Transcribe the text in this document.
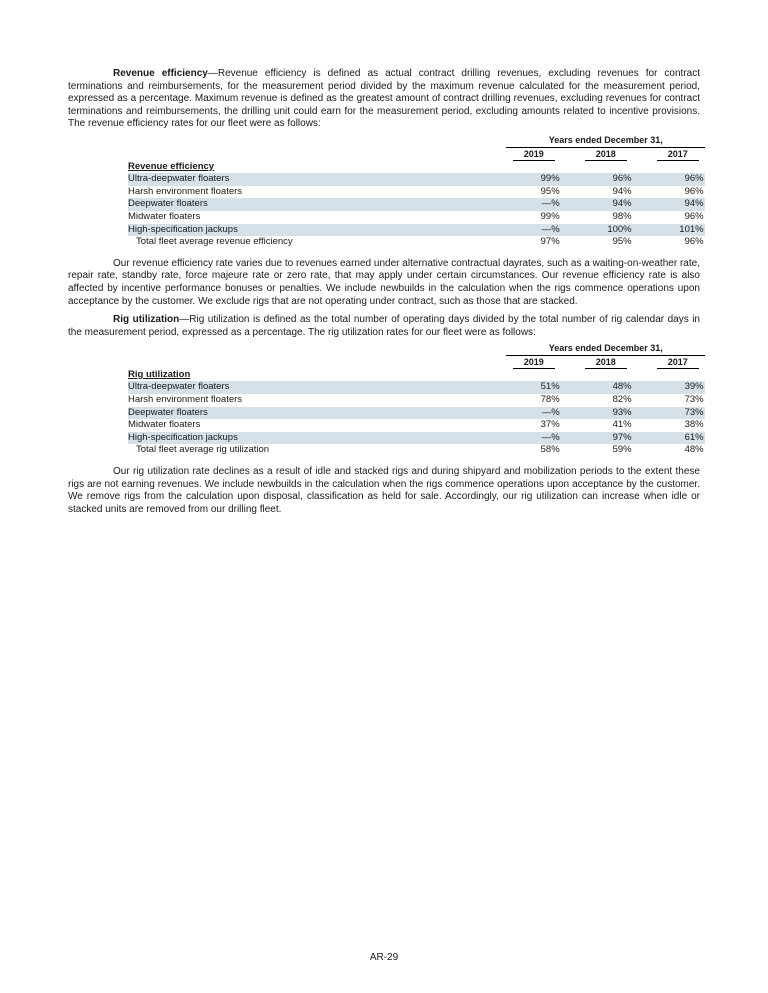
Revenue efficiency—Revenue efficiency is defined as actual contract drilling revenues, excluding revenues for contract terminations and reimbursements, for the measurement period divided by the maximum revenue calculated for the measurement period, expressed as a percentage. Maximum revenue is defined as the greatest amount of contract drilling revenues, excluding revenues for contract terminations and reimbursements, the drilling unit could earn for the measurement period, excluding amounts related to incentive provisions. The revenue efficiency rates for our fleet were as follows:

		Years ended December 31,							
		2019			2018			2017	
Revenue efficiency									
Ultra-deepwater floaters		99	%		96	%		96	%
Harsh environment floaters		95	%		94	%		96	%
Deepwater floaters		—	%		94	%		94	%
Midwater floaters		99	%		98	%		96	%
High-specification jackups		—	%		100	%		101	%
Total fleet average revenue efficiency		97	%		95	%		96	%

Our revenue efficiency rate varies due to revenues earned under alternative contractual dayrates, such as a waiting-on-weather rate, repair rate, standby rate, force majeure rate or zero rate, that may apply under certain circumstances. Our revenue efficiency rate is also affected by incentive performance bonuses or penalties. We include newbuilds in the calculation when the rigs commence operations upon acceptance by the customer. We exclude rigs that are not operating under contract, such as those that are stacked.

Rig utilization—Rig utilization is defined as the total number of operating days divided by the total number of rig calendar days in the measurement period, expressed as a percentage. The rig utilization rates for our fleet were as follows:

		Years ended December 31,							
		2019			2018			2017	
Rig utilization									
Ultra-deepwater floaters		51	%		48	%		39	%
Harsh environment floaters		78	%		82	%		73	%
Deepwater floaters		—	%		93	%		73	%
Midwater floaters		37	%		41	%		38	%
High-specification jackups		—	%		97	%		61	%
Total fleet average rig utilization		58	%		59	%		48	%

Our rig utilization rate declines as a result of idle and stacked rigs and during shipyard and mobilization periods to the extent these rigs are not earning revenues. We include newbuilds in the calculation when the rigs commence operations upon acceptance by the customer. We remove rigs from the calculation upon disposal, classification as held for sale. Accordingly, our rig utilization can increase when idle or stacked units are removed from our drilling fleet.

AR-29
